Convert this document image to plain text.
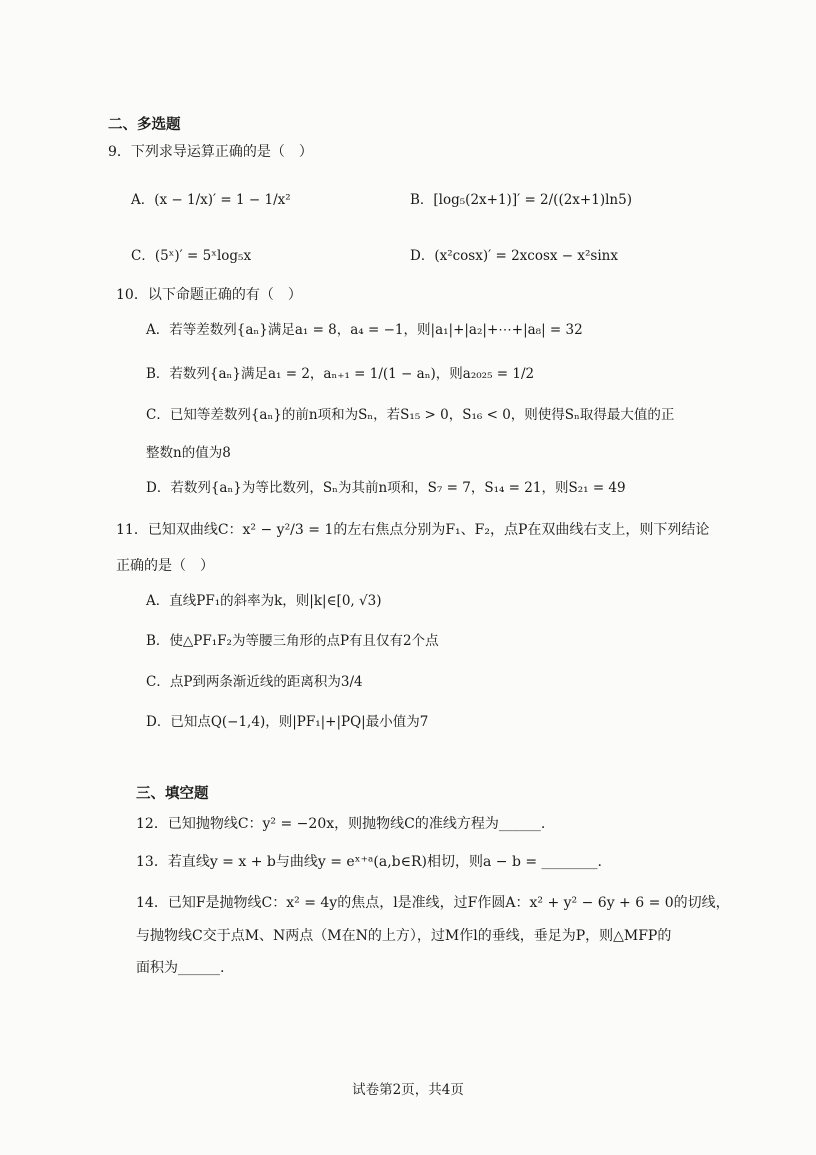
二、多选题
9．下列求导运算正确的是（　）
A．(x − 1/x)′ = 1 − 1/x²	B．[log₅(2x+1)]′ = 2/((2x+1)ln5)
C．(5ˣ)′ = 5ˣlog₅x	D．(x²cosx)′ = 2xcosx − x²sinx
10．以下命题正确的有（　）
A．若等差数列{aₙ}满足a₁ = 8，a₄ = −1，则|a₁|+|a₂|+⋯+|a₈| = 32
B．若数列{aₙ}满足a₁ = 2，aₙ₊₁ = 1/(1 − aₙ)，则a₂₀₂₅ = 1/2
C．已知等差数列{aₙ}的前n项和为Sₙ，若S₁₅ > 0，S₁₆ < 0，则使得Sₙ取得最大值的正
整数n的值为8
D．若数列{aₙ}为等比数列，Sₙ为其前n项和，S₇ = 7，S₁₄ = 21，则S₂₁ = 49
11．已知双曲线C：x² − y²/3 = 1的左右焦点分别为F₁、F₂，点P在双曲线右支上，则下列结论
正确的是（　）
A．直线PF₁的斜率为k，则|k|∈[0, √3)
B．使△PF₁F₂为等腰三角形的点P有且仅有2个点
C．点P到两条渐近线的距离积为3/4
D．已知点Q(−1,4)，则|PF₁|+|PQ|最小值为7
三、填空题
12．已知抛物线C：y² = −20x，则抛物线C的准线方程为______.
13．若直线y = x + b与曲线y = eˣ⁺ᵃ(a,b∈R)相切，则a − b = ________.
14．已知F是抛物线C：x² = 4y的焦点，l是准线，过F作圆A：x² + y² − 6y + 6 = 0的切线，
与抛物线C交于点M、N两点（M在N的上方），过M作l的垂线，垂足为P，则△MFP的
面积为______.
试卷第2页，共4页
